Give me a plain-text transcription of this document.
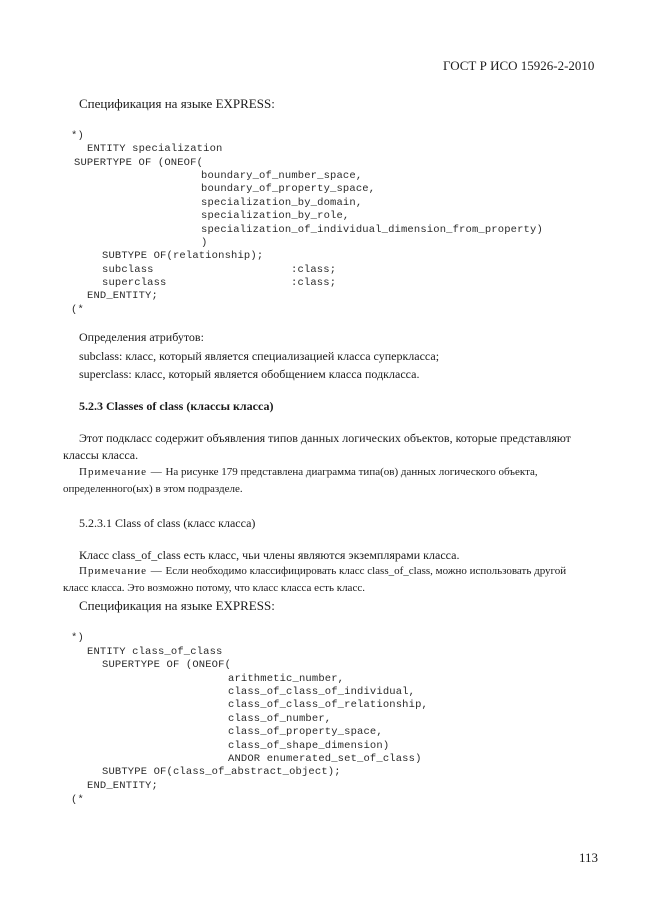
ГОСТ Р ИСО 15926-2-2010
Спецификация на языке EXPRESS:
*)
ENTITY specialization
SUPERTYPE OF (ONEOF(
boundary_of_number_space,
boundary_of_property_space,
specialization_by_domain,
specialization_by_role,
specialization_of_individual_dimension_from_property)
)
SUBTYPE OF(relationship);
subclass	:class;
superclass	:class;
END_ENTITY;
(*
Определения атрибутов:
subclass: класс, который является специализацией класса суперкласса;
superclass: класс, который является обобщением класса подкласса.
5.2.3 Classes of class (классы класса)
Этот подкласс содержит объявления типов данных логических объектов, которые представляют
классы класса.
Примечание — На рисунке 179 представлена диаграмма типа(ов) данных логического объекта,
определенного(ых) в этом подразделе.
5.2.3.1 Class of class (класс класса)
Класс class_of_class есть класс, чьи члены являются экземплярами класса.
Примечание — Если необходимо классифицировать класс class_of_class, можно использовать другой
класс класса. Это возможно потому, что класс класса есть класс.
Спецификация на языке EXPRESS:
*)
ENTITY class_of_class
SUPERTYPE OF (ONEOF(
arithmetic_number,
class_of_class_of_individual,
class_of_class_of_relationship,
class_of_number,
class_of_property_space,
class_of_shape_dimension)
ANDOR enumerated_set_of_class)
SUBTYPE OF(class_of_abstract_object);
END_ENTITY;
(*
113
